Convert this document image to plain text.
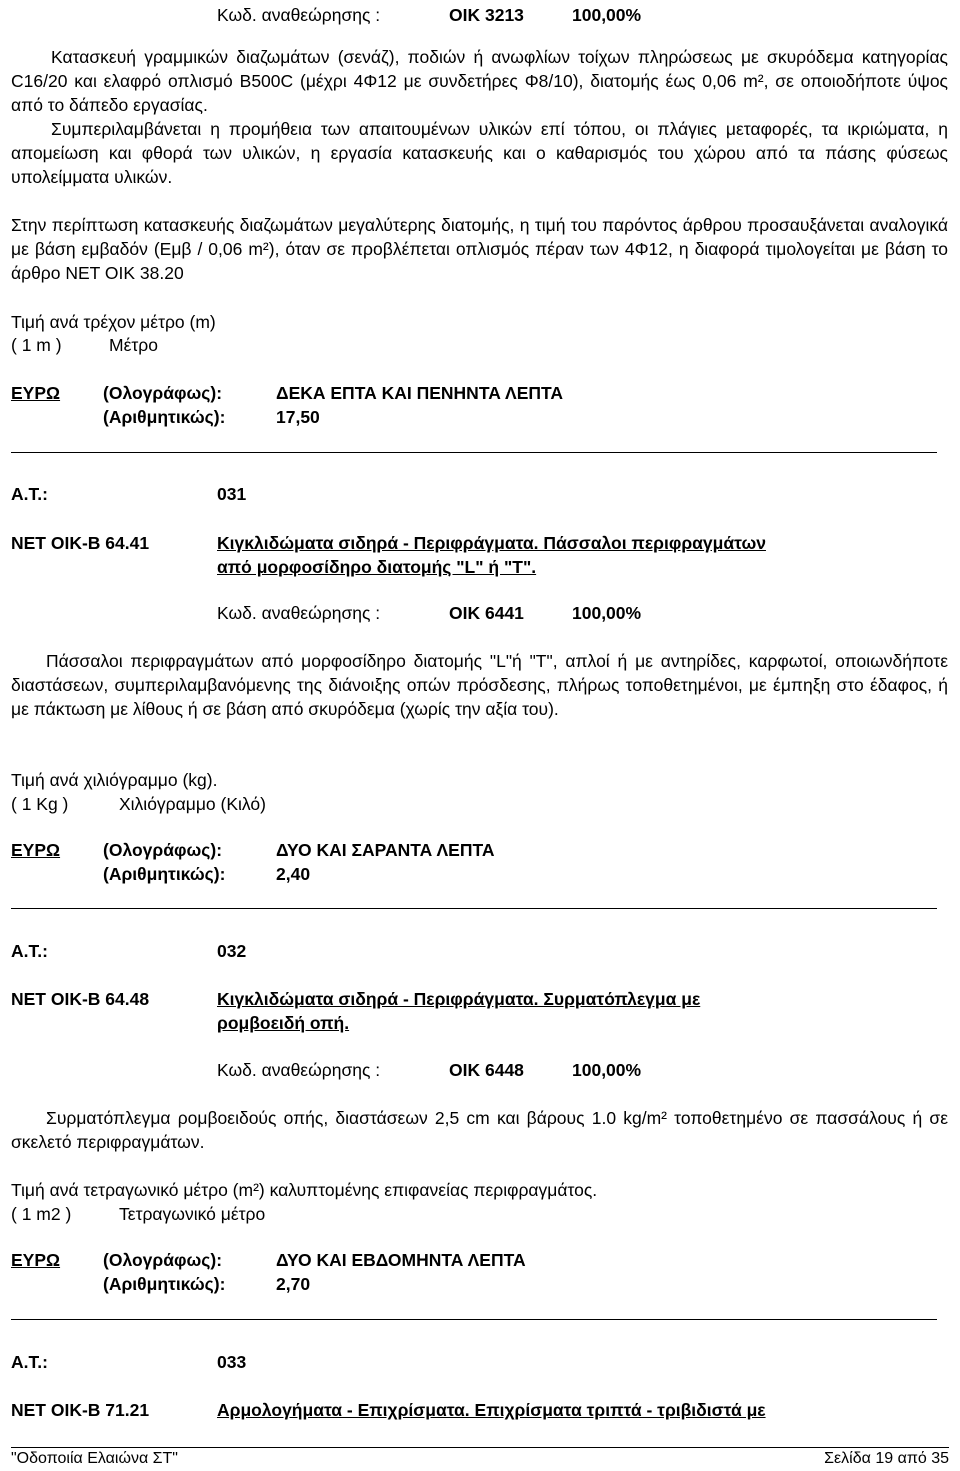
Κωδ. αναθεώρησης :	ΟΙΚ 3213	100,00%
Κατασκευή γραμμικών διαζωμάτων (σενάζ), ποδιών ή ανωφλίων τοίχων πληρώσεως με σκυρόδεμα κατηγορίας C16/20 και ελαφρό οπλισμό B500C (μέχρι 4Φ12 με συνδετήρες Φ8/10), διατομής έως 0,06 m², σε οποιοδήποτε ύψος από το δάπεδο εργασίας.
Συμπεριλαμβάνεται η προμήθεια των απαιτουμένων υλικών επί τόπου, οι πλάγιες μεταφορές, τα ικριώματα, η απομείωση και φθορά των υλικών, η εργασία κατασκευής και ο καθαρισμός του χώρου από τα πάσης φύσεως υπολείμματα υλικών.
Στην περίπτωση κατασκευής διαζωμάτων μεγαλύτερης διατομής, η τιμή του παρόντος άρθρου προσαυξάνεται αναλογικά με βάση εμβαδόν (Εμβ / 0,06 m²), όταν σε προβλέπεται οπλισμός πέραν των 4Φ12, η διαφορά τιμολογείται με βάση το άρθρο ΝΕΤ ΟΙΚ 38.20
Τιμή ανά τρέχον μέτρο (m)
( 1 m )	Μέτρο
ΕΥΡΩ (Ολογράφως):	ΔΕΚΑ ΕΠΤΑ ΚΑΙ ΠΕΝΗΝΤΑ ΛΕΠΤΑ
(Αριθμητικώς):	17,50
Α.Τ.:	031
ΝΕΤ ΟΙΚ-Β 64.41	Κιγκλιδώματα σιδηρά - Περιφράγματα. Πάσσαλοι περιφραγμάτων
από μορφοσίδηρο διατομής "L" ή "T".
Κωδ. αναθεώρησης :	ΟΙΚ 6441	100,00%
Πάσσαλοι περιφραγμάτων από μορφοσίδηρο διατομής "L"ή "T", απλοί ή με αντηρίδες, καρφωτοί, οποιωνδήποτε διαστάσεων, συμπεριλαμβανόμενης της διάνοιξης οπών πρόσδεσης, πλήρως τοποθετημένοι, με έμπηξη στο έδαφος, ή με πάκτωση με λίθους ή σε βάση από σκυρόδεμα (χωρίς την αξία του).
Τιμή ανά χιλιόγραμμο (kg).
( 1 Kg )	Χιλιόγραμμο (Κιλό)
ΕΥΡΩ (Ολογράφως):	ΔΥΟ ΚΑΙ ΣΑΡΑΝΤΑ ΛΕΠΤΑ
(Αριθμητικώς):	2,40
Α.Τ.:	032
ΝΕΤ ΟΙΚ-Β 64.48	Κιγκλιδώματα σιδηρά - Περιφράγματα. Συρματόπλεγμα με
ρομβοειδή οπή.
Κωδ. αναθεώρησης :	ΟΙΚ 6448	100,00%
Συρματόπλεγμα ρομβοειδούς οπής, διαστάσεων 2,5 cm και βάρους 1.0 kg/m² τοποθετημένο σε πασσάλους ή σε σκελετό περιφραγμάτων.
Τιμή ανά τετραγωνικό μέτρο (m²) καλυπτομένης επιφανείας περιφραγμάτος.
( 1 m2 )	Τετραγωνικό μέτρο
ΕΥΡΩ (Ολογράφως):	ΔΥΟ ΚΑΙ ΕΒΔΟΜΗΝΤΑ ΛΕΠΤΑ
(Αριθμητικώς):	2,70
Α.Τ.:	033
ΝΕΤ ΟΙΚ-Β 71.21	Αρμολογήματα - Επιχρίσματα. Επιχρίσματα τριπτά - τριβιδιστά με
"Οδοποιία Ελαιώνα ΣΤ"	Σελίδα 19 από 35
